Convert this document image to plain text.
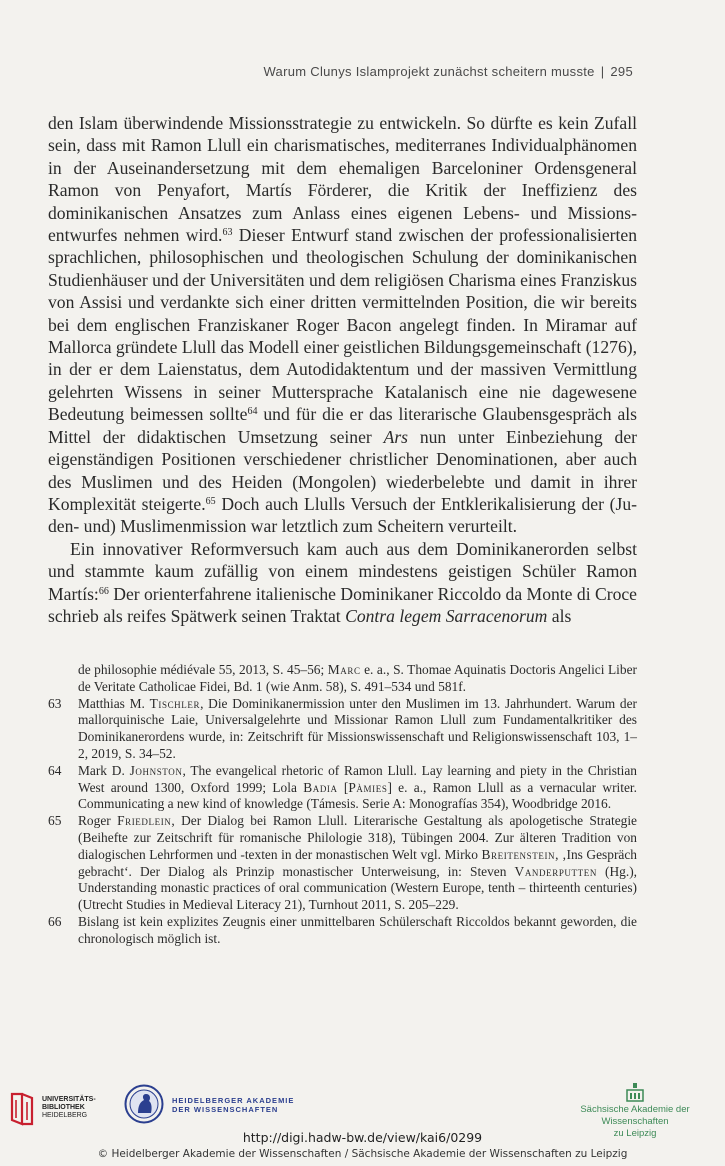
Warum Clunys Islamprojekt zunächst scheitern musste | 295

den Islam überwindende Missionsstrategie zu entwickeln. So dürfte es kein Zufall sein, dass mit Ramon Llull ein charismatisches, mediterranes Individualphänomen in der Auseinandersetzung mit dem ehemaligen Barceloniner Ordensgeneral Ramon von Penyafort, Martís Förderer, die Kritik der Ineffizienz des dominikanischen Ansatzes zum Anlass eines eigenen Lebens- und Missionsentwurfes nehmen wird.$^{63}$ Dieser Entwurf stand zwischen der professionalisierten sprachlichen, philosophischen und theologischen Schulung der dominikanischen Studienhäuser und der Universitäten und dem religiösen Charisma eines Franziskus von Assisi und verdankte sich einer dritten vermittelnden Position, die wir bereits bei dem englischen Franziskaner Roger Bacon angelegt finden. In Miramar auf Mallorca gründete Llull das Modell einer geistlichen Bildungsgemeinschaft (1276), in der er dem Laienstatus, dem Autodidaktentum und der massiven Vermittlung gelehrten Wissens in seiner Muttersprache Katalanisch eine nie dagewesene Bedeutung beimessen sollte$^{64}$ und für die er das literarische Glaubensgespräch als Mittel der didaktischen Umsetzung seiner Ars nun unter Einbeziehung der eigenständigen Positionen verschiedener christlicher Denominationen, aber auch des Muslimen und des Heiden (Mongolen) wiederbelebte und damit in ihrer Komplexität steigerte.$^{65}$ Doch auch Llulls Versuch der Entklerikalisierung der (Juden- und) Muslimenmission war letztlich zum Scheitern verurteilt.

Ein innovativer Reformversuch kam auch aus dem Dominikanerorden selbst und stammte kaum zufällig von einem mindestens geistigen Schüler Ramon Martís:$^{66}$ Der orienterfahrene italienische Dominikaner Riccoldo da Monte di Croce schrieb als reifes Spätwerk seinen Traktat Contra legem Sarracenorum als

de philosophie médiévale 55, 2013, S. 45–56; Marc e. a., S. Thomae Aquinatis Doctoris Angelici Liber de Veritate Catholicae Fidei, Bd. 1 (wie Anm. 58), S. 491–534 und 581f.
63	Matthias M. Tischler, Die Dominikanermission unter den Muslimen im 13. Jahrhundert. Warum der mallorquinische Laie, Universalgelehrte und Missionar Ramon Llull zum Fundamentalkritiker des Dominikanerordens wurde, in: Zeitschrift für Missionswissenschaft und Religionswissenschaft 103, 1–2, 2019, S. 34–52.
64	Mark D. Johnston, The evangelical rhetoric of Ramon Llull. Lay learning and piety in the Christian West around 1300, Oxford 1999; Lola Badia [Pàmies] e. a., Ramon Llull as a vernacular writer. Communicating a new kind of knowledge (Támesis. Serie A: Monografías 354), Woodbridge 2016.
65	Roger Friedlein, Der Dialog bei Ramon Llull. Literarische Gestaltung als apologetische Strategie (Beihefte zur Zeitschrift für romanische Philologie 318), Tübingen 2004. Zur älteren Tradition von dialogischen Lehrformen und -texten in der monastischen Welt vgl. Mirko Breitenstein, ‚Ins Gespräch gebracht‘. Der Dialog als Prinzip monastischer Unterweisung, in: Steven Vanderputten (Hg.), Understanding monastic practices of oral communication (Western Europe, tenth – thirteenth centuries) (Utrecht Studies in Medieval Literacy 21), Turnhout 2011, S. 205–229.
66	Bislang ist kein explizites Zeugnis einer unmittelbaren Schülerschaft Riccoldos bekannt geworden, die chronologisch möglich ist.
UNIVERSITÄTS-
BIBLIOTHEK
HEIDELBERG
HEIDELBERGER AKADEMIE
DER WISSENSCHAFTEN	Sächsische Akademie der Wissenschaften
zu Leipzig
http://digi.hadw-bw.de/view/kai6/0299
© Heidelberger Akademie der Wissenschaften / Sächsische Akademie der Wissenschaften zu Leipzig
